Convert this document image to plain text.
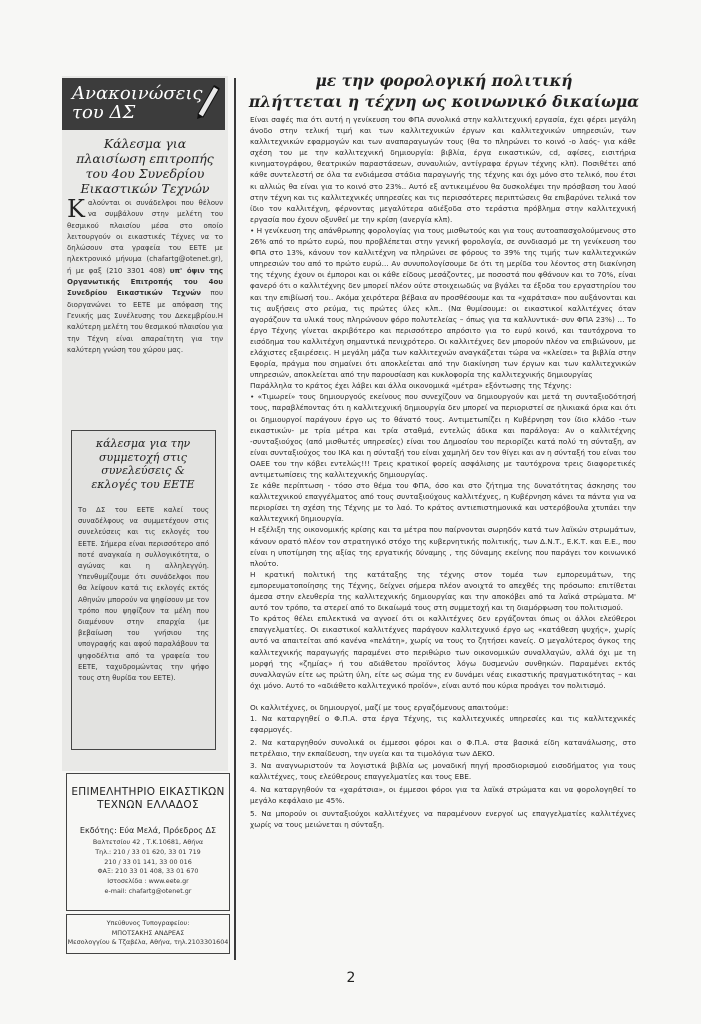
Ανακοινώσεις του ΔΣ
Κάλεσμα για πλαισίωση επιτροπής του 4ου Συνεδρίου Εικαστικών Τεχνών
Καλούνται οι συνάδελφοι που θέλουν να συμβάλουν στην μελέτη του θεσμικού πλαισίου μέσα στο οποίο λειτουργούν οι εικαστικές Τέχνες να το δηλώσουν στα γραφεία του ΕΕΤΕ με ηλεκτρονικό μήνυμα (chafartg@otenet.gr), ή με φαξ (210 3301 408) υπ' όψιν της Οργανωτικής Επιτροπής του 4ου Συνεδρίου Εικαστικών Τεχνών που διοργανώνει το ΕΕΤΕ με απόφαση της Γενικής μας Συνέλευσης του Δεκεμβρίου.Η καλύτερη μελέτη του θεσμικού πλαισίου για την Τέχνη είναι απαραίτητη για την καλύτερη γνώση του χώρου μας.
κάλεσμα για την συμμετοχή στις συνελεύσεις & εκλογές του ΕΕΤΕ
Το ΔΣ του ΕΕΤΕ καλεί τους συναδέλφους να συμμετέχουν στις συνελεύσεις και τις εκλογές του ΕΕΤΕ. Σήμερα είναι περισσότερο από ποτέ αναγκαία η συλλογικότητα, ο αγώνας και η αλληλεγγύη. Υπενθυμίζουμε ότι συνάδελφοι που θα λείψουν κατά τις εκλογές εκτός Αθηνών μπορούν να ψηφίσουν με τον τρόπο που ψηφίζουν τα μέλη που διαμένουν στην επαρχία (με βεβαίωση του γνήσιου της υπογραφής και αφού παραλάβουν τα ψηφοδέλτια από τα γραφεία του ΕΕΤΕ, ταχυδρομώντας την ψήφο τους στη θυρίδα του ΕΕΤΕ).
ΕΠΙΜΕΛΗΤΗΡΙΟ ΕΙΚΑΣΤΙΚΩΝ ΤΕΧΝΩΝ ΕΛΛΑΔΟΣ
Εκδότης: Εύα Μελά, Πρόεδρος ΔΣ
Βαλτετσίου 42 , Τ.Κ.10681, Αθήνα
Τηλ.: 210 / 33 01 620, 33 01 719
210 / 33 01 141, 33 00 016
ΦΑΞ: 210 33 01 408, 33 01 670
Ιστοσελίδα : www.eete.gr
e-mail: chafartg@otenet.gr
Υπεύθυνος Τυπογραφείου:
ΜΠΟΤΣΑΚΗΣ ΑΝΔΡΕΑΣ
Μεσολογγίου & Τζαβέλα, Αθήνα, τηλ.2103301604
με την φορολογική πολιτική
πλήττεται η τέχνη ως κοινωνικό δικαίωμα

Είναι σαφές πια ότι αυτή η γενίκευση του ΦΠΑ συνολικά στην καλλιτεχνική εργασία, έχει φέρει μεγάλη άνοδο στην τελική τιμή και των καλλιτεχνικών έργων και καλλιτεχνικών υπηρεσιών, των καλλιτεχνικών εφαρμογών και των αναπαραγωγών τους (θα το πληρώνει το κοινό -ο λαός- για κάθε σχέση του με την καλλιτεχνική δημιουργία: βιβλία, έργα εικαστικών, cd, αφίσες, εισιτήρια κινηματογράφου, θεατρικών παραστάσεων, συναυλιών, αντίγραφα έργων τέχνης κλπ). Ποσιθέτει από κάθε συντελεστή σε όλα τα ενδιάμεσα στάδια παραγωγής της τέχνης και όχι μόνο στο τελικό, που έτσι κι αλλιώς θα είναι για το κοινό στο 23%.. Αυτό εξ αντικειμένου θα δυσκολέψει την πρόσβαση του λαού στην τέχνη και τις καλλιτεχνικές υπηρεσίες και τις περισσότερες περιπτώσεις θα επιβαρύνει τελικά τον ίδιο τον καλλιτέχνη, φέρνοντας μεγαλύτερα αδιέξοδα στο τεράστια πρόβλημα στην καλλιτεχνική εργασία που έχουν οξυνθεί με την κρίση (ανεργία κλπ).

• Η γενίκευση της απάνθρωπης φορολογίας για τους μισθωτούς και για τους αυτοαπασχολούμενους στο 26% από το πρώτο ευρώ, που προβλέπεται στην γενική φορολογία, σε συνδιασμό με τη γενίκευση του ΦΠΑ στο 13%, κάνουν τον καλλιτέχνη να πληρώνει σε φόρους το 39% της τιμής των καλλιτεχνικών υπηρεσιών του από το πρώτο ευρώ... Αν συνυπολογίσουμε δε ότι τη μερίδα του λέοντος στη διακίνηση της τέχνης έχουν οι έμποροι και οι κάθε είδους μεσάζοντες, με ποσοστά που φθάνουν και το 70%, είναι φανερό ότι ο καλλιτέχνης δεν μπορεί πλέον ούτε στοιχειωδώς να βγάλει τα έξοδα του εργαστηρίου του και την επιβίωσή του.. Ακόμα χειρότερα βέβαια αν προσθέσουμε και τα «χαράτσια» που αυξάνονται και τις αυξήσεις στο ρεύμα, τις πρώτες ύλες κλπ.. (Να θυμίσουμε: οι εικαστικοί καλλιτέχνες όταν αγοράζουν τα υλικά τους πληρώνουν φόρο πολυτελείας – όπως για τα καλλυντικά- συν ΦΠΑ 23%) ... Το έργο Τέχνης γίνεται ακριβότερο και περισσότερο απρόσιτο για το ευρύ κοινό, και ταυτόχρονα το εισόδημα του καλλιτέχνη σημαντικά πενιχρότερο. Οι καλλιτέχνες δεν μπορούν πλέον να επιβιώνουν, με ελάχιστες εξαιρέσεις. Η μεγάλη μάζα των καλλιτεχνών αναγκάζεται τώρα να «κλείσει» τα βιβλία στην Εφορία, πράγμα που σημαίνει ότι αποκλείεται από την διακίνηση των έργων και των καλλιτεχνικών υπηρεσιών, αποκλείεται από την παρουσίαση και κυκλοφορία της καλλιτεχνικής δημιουργίας

Παράλληλα το κράτος έχει λάβει και άλλα οικονομικά «μέτρα» εξόντωσης της Τέχνης:

• «Τιμωρεί» τους δημιουργούς εκείνους που συνεχίζουν να δημιουργούν και μετά τη συνταξιοδότησή τους, παραβλέποντας ότι η καλλιτεχνική δημιουργία δεν μπορεί να περιοριστεί σε ηλικιακά όρια και ότι οι δημιουργοί παράγουν έργο ως το θάνατό τους. Αντιμετωπίζει η Κυβέρνηση τον ίδιο κλάδο -των εικαστικών- με τρία μέτρα και τρία σταθμά, εντελώς άδικα και παράλογα: Αν ο καλλιτέχνης -συνταξιούχος (από μισθωτές υπηρεσίες) είναι του Δημοσίου του περιορίζει κατά πολύ τη σύνταξη, αν είναι συνταξιούχος του ΙΚΑ και η σύνταξή του είναι χαμηλή δεν τον θίγει και αν η σύνταξή του είναι του ΟΑΕΕ του την κόβει εντελώς!!! Τρεις κρατικοί φορείς ασφάλισης με ταυτόχρονα τρεις διαφορετικές αντιμετωπίσεις της καλλιτεχνικής δημιουργίας.

Σε κάθε περίπτωση - τόσο στο θέμα του ΦΠΑ, όσο και στο ζήτημα της δυνατότητας άσκησης του καλλιτεχνικού επαγγέλματος από τους συνταξιούχους καλλιτέχνες, η Κυβέρνηση κάνει τα πάντα για να περιορίσει τη σχέση της Τέχνης με το λαό. Το κράτος αντιεπιστημονικά και υστερόβουλα χτυπάει την καλλιτεχνική δημιουργία.

Η εξέλιξη της οικονομικής κρίσης και τα μέτρα που παίρνονται σωρηδόν κατά των λαϊκών στρωμάτων, κάνουν ορατό πλέον τον στρατηγικό στόχο της κυβερνητικής πολιτικής, των Δ.Ν.Τ., Ε.Κ.Τ. και Ε.Ε., που είναι η υποτίμηση της αξίας της εργατικής δύναμης , της δύναμης εκείνης που παράγει τον κοινωνικό πλούτο.

Η κρατική πολιτική της κατάταξης της τέχνης στον τομέα των εμπορευμάτων, της εμπορευματοποίησης της Τέχνης, δείχνει σήμερα πλέον ανοιχτά το απεχθές της πρόσωπο: επιτίθεται άμεσα στην ελευθερία της καλλιτεχνικής δημιουργίας και την αποκόβει από τα λαϊκά στρώματα. Μ' αυτό τον τρόπο, τα στερεί από το δικαίωμά τους στη συμμετοχή και τη διαμόρφωση του πολιτισμού.

Το κράτος θέλει επιλεκτικά να αγνοεί ότι οι καλλιτέχνες δεν εργάζονται όπως οι άλλοι ελεύθεροι επαγγελματίες. Οι εικαστικοί καλλιτέχνες παράγουν καλλιτεχνικό έργο ως «κατάθεση ψυχής», χωρίς αυτό να απαιτείται από κανένα «πελάτη», χωρίς να τους το ζητήσει κανείς. Ο μεγαλύτερος όγκος της καλλιτεχνικής παραγωγής παραμένει στο περιθώριο των οικονομικών συναλλαγών, αλλά όχι με τη μορφή της «ζημίας» ή του αδιάθετου προϊόντος λόγω δυσμενών συνθηκών. Παραμένει εκτός συναλλαγών είτε ως πρώτη ύλη, είτε ως σώμα της εν δυνάμει νέας εικαστικής πραγματικότητας – και όχι μόνο. Αυτό το «αδιάθετο καλλιτεχνικό προϊόν», είναι αυτό που κύρια προάγει τον πολιτισμό.

Οι καλλιτέχνες, οι δημιουργοί, μαζί με τους εργαζόμενους απαιτούμε:

1. Να καταργηθεί ο Φ.Π.Α. στα έργα Τέχνης, τις καλλιτεχνικές υπηρεσίες και τις καλλιτεχνικές εφαρμογές.
2. Να καταργηθούν συνολικά οι έμμεσοι φόροι και ο Φ.Π.Α. στα βασικά είδη κατανάλωσης, στο πετρέλαιο, την εκπαίδευση, την υγεία και τα τιμολόγια των ΔΕΚΟ.
3. Να αναγνωριστούν τα λογιστικά βιβλία ως μοναδική πηγή προσδιορισμού εισοδήματος για τους καλλιτέχνες, τους ελεύθερους επαγγελματίες και τους ΕΒΕ.
4. Να καταργηθούν τα «χαράτσια», οι έμμεσοι φόροι για τα λαϊκά στρώματα και να φορολογηθεί το μεγάλο κεφάλαιο με 45%.
5. Να μπορούν οι συνταξιούχοι καλλιτέχνες να παραμένουν ενεργοί ως επαγγελματίες καλλιτέχνες χωρίς να τους μειώνεται η σύνταξη.
2
